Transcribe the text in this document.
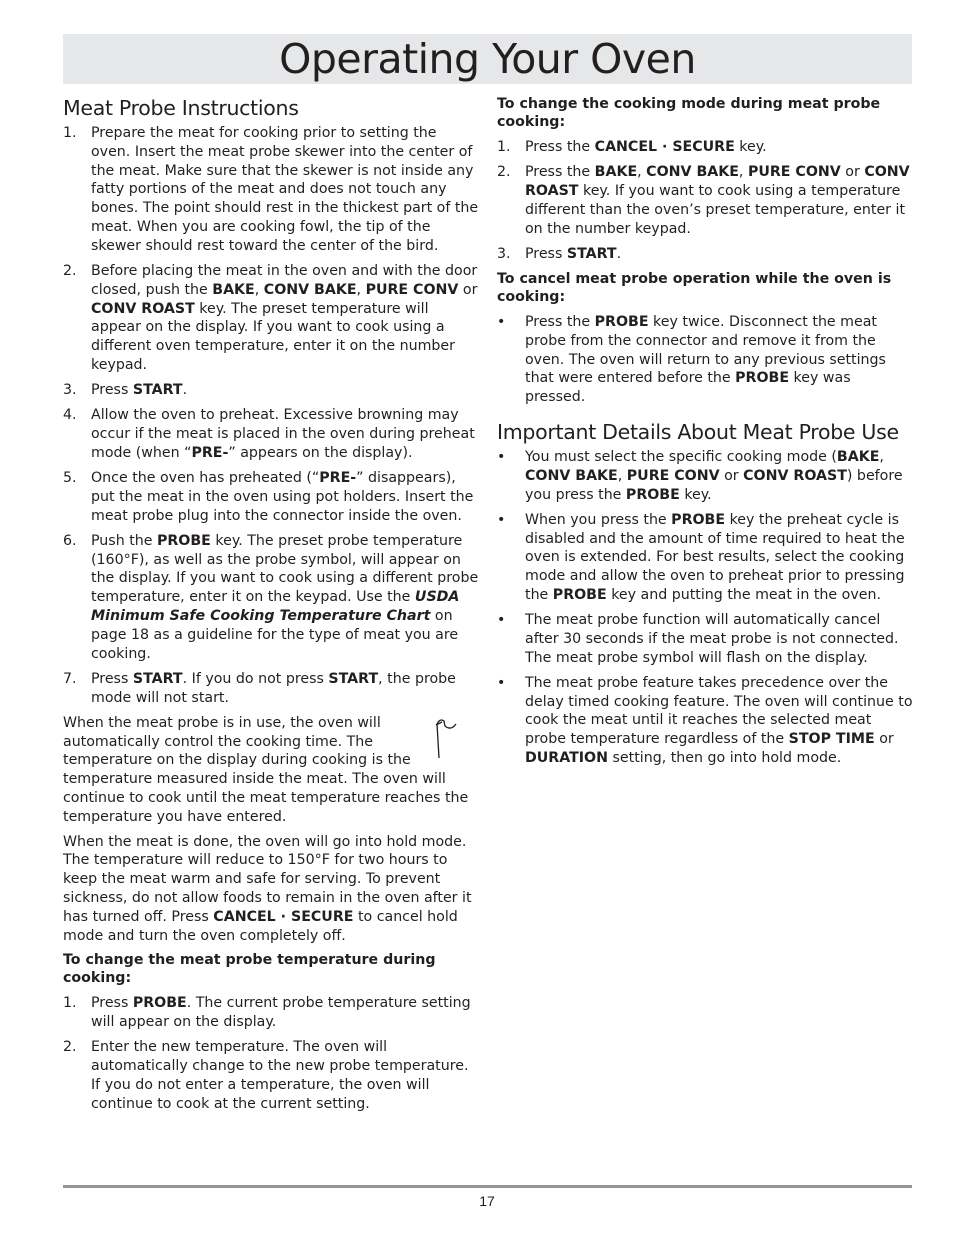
Operating Your Oven
Meat Probe Instructions
1. Prepare the meat for cooking prior to setting the oven. Insert the meat probe skewer into the center of the meat. Make sure that the skewer is not inside any fatty portions of the meat and does not touch any bones. The point should rest in the thickest part of the meat. When you are cooking fowl, the tip of the skewer should rest toward the center of the bird.
2. Before placing the meat in the oven and with the door closed, push the BAKE, CONV BAKE, PURE CONV or CONV ROAST key. The preset temperature will appear on the display. If you want to cook using a different oven temperature, enter it on the number keypad.
3. Press START.
4. Allow the oven to preheat. Excessive browning may occur if the meat is placed in the oven during preheat mode (when “PRE-” appears on the display).
5. Once the oven has preheated (“PRE-” disappears), put the meat in the oven using pot holders. Insert the meat probe plug into the connector inside the oven.
6. Push the PROBE key. The preset probe temperature (160°F), as well as the probe symbol, will appear on the display. If you want to cook using a different probe temperature, enter it on the keypad. Use the USDA Minimum Safe Cooking Temperature Chart on page 18 as a guideline for the type of meat you are cooking.
7. Press START. If you do not press START, the probe mode will not start.

When the meat probe is in use, the oven will automatically control the cooking time. The temperature on the display during cooking is the temperature measured inside the meat. The oven will continue to cook until the meat temperature reaches the temperature you have entered.

When the meat is done, the oven will go into hold mode. The temperature will reduce to 150°F for two hours to keep the meat warm and safe for serving. To prevent sickness, do not allow foods to remain in the oven after it has turned off. Press CANCEL · SECURE to cancel hold mode and turn the oven completely off.

To change the meat probe temperature during cooking:
1. Press PROBE. The current probe temperature setting will appear on the display.
2. Enter the new temperature. The oven will automatically change to the new probe temperature. If you do not enter a temperature, the oven will continue to cook at the current setting.
To change the cooking mode during meat probe cooking:
1. Press the CANCEL · SECURE key.
2. Press the BAKE, CONV BAKE, PURE CONV or CONV ROAST key. If you want to cook using a temperature different than the oven’s preset temperature, enter it on the number keypad.
3. Press START.
To cancel meat probe operation while the oven is cooking:
• Press the PROBE key twice. Disconnect the meat probe from the connector and remove it from the oven. The oven will return to any previous settings that were entered before the PROBE key was pressed.
Important Details About Meat Probe Use
• You must select the specific cooking mode (BAKE, CONV BAKE, PURE CONV or CONV ROAST) before you press the PROBE key.
• When you press the PROBE key the preheat cycle is disabled and the amount of time required to heat the oven is extended. For best results, select the cooking mode and allow the oven to preheat prior to pressing the PROBE key and putting the meat in the oven.
• The meat probe function will automatically cancel after 30 seconds if the meat probe is not connected. The meat probe symbol will flash on the display.
• The meat probe feature takes precedence over the delay timed cooking feature. The oven will continue to cook the meat until it reaches the selected meat probe temperature regardless of the STOP TIME or DURATION setting, then go into hold mode.
17
